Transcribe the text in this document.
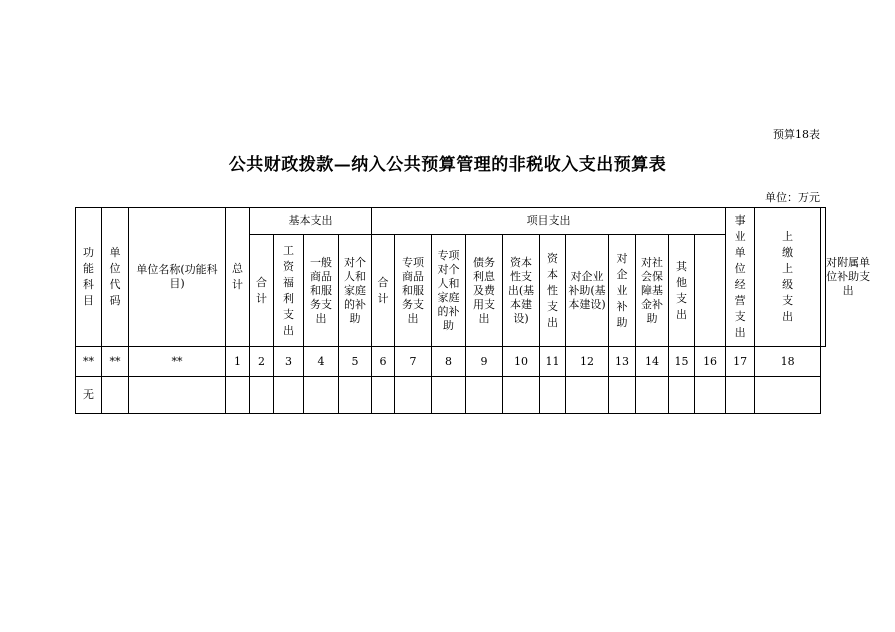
预算18表
公共财政拨款—纳入公共预算管理的非税收入支出预算表
单位：万元
功能科目	单位代码	单位名称(功能科目)	总计	基本支出				项目支出											事业单位经营支出	上缴上级支出	对附属单位补助支出
				合计	工资福利支出	一般商品和服务支出	对个人和家庭的补助	合计	专项商品和服务支出	专项对个人和家庭的补助	债务利息及费用支出	资本性支出(基本建设)	资本性支出	对企业补助(基本建设)	对企业补助	对社会保障基金补助	其他支出				
**	**	**	1	2	3	4	5	6	7	8	9	10	11	12	13	14	15	16	17	18	
无																					
